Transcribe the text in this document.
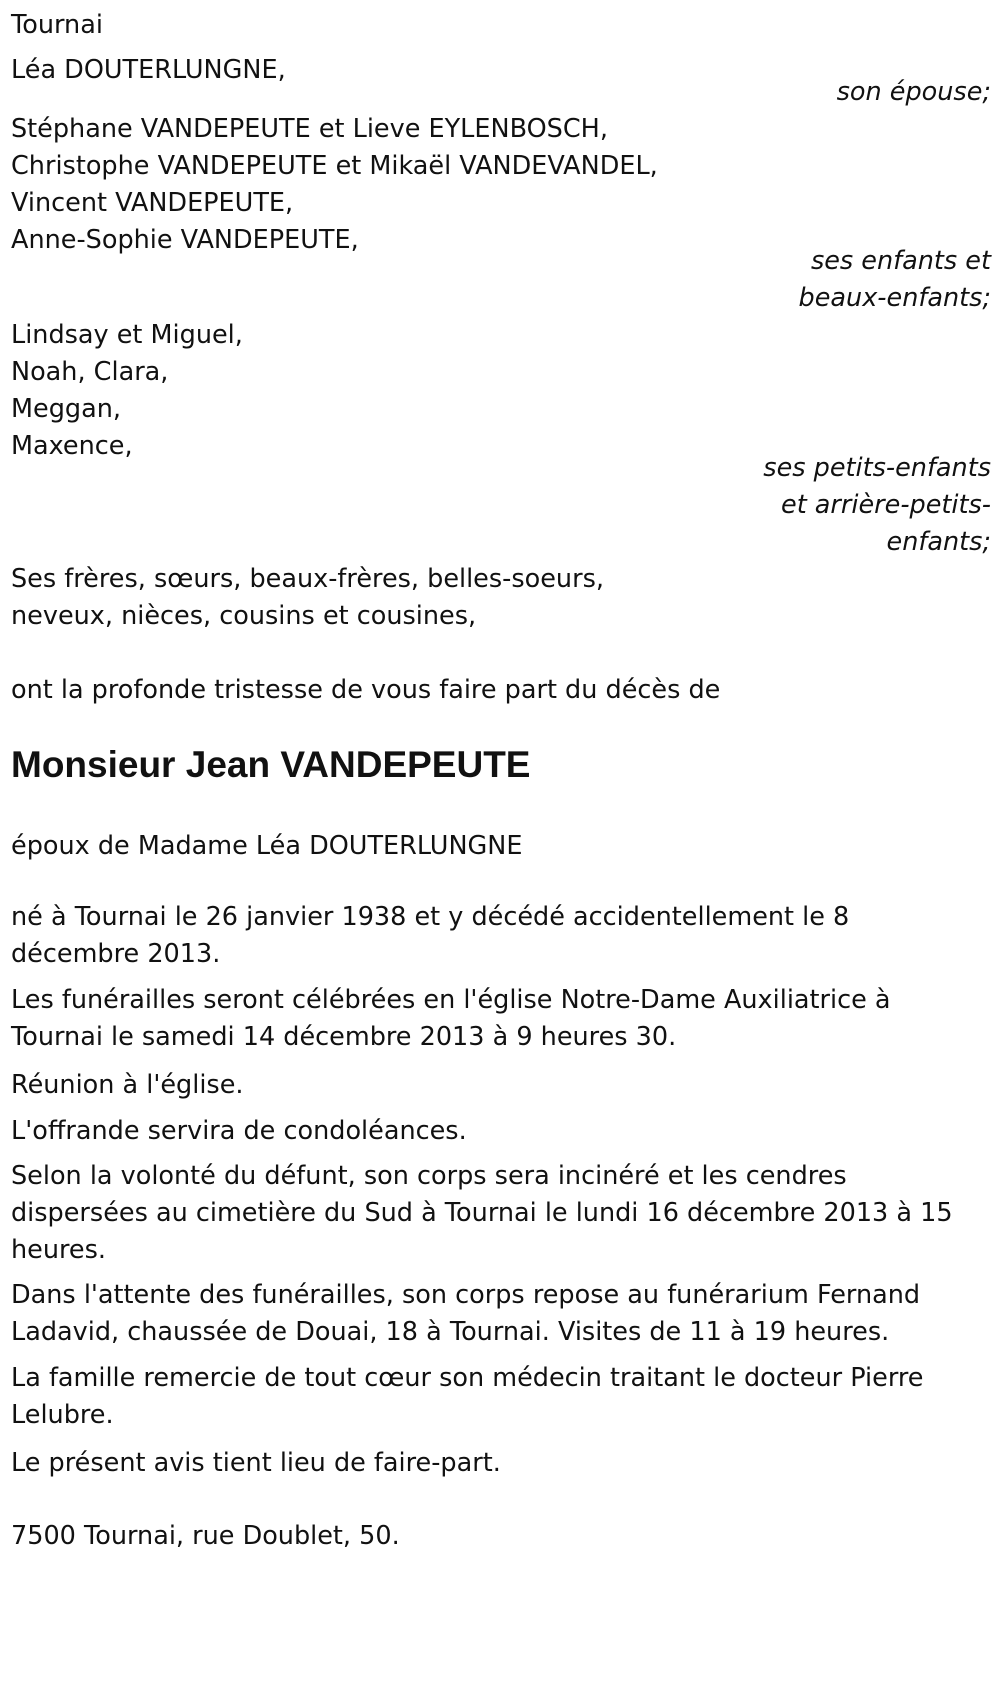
Tournai
Léa DOUTERLUNGNE,
son épouse;
Stéphane VANDEPEUTE et Lieve EYLENBOSCH,
Christophe VANDEPEUTE et Mikaël VANDEVANDEL,
Vincent VANDEPEUTE,
Anne-Sophie VANDEPEUTE,
ses enfants et
beaux-enfants;
Lindsay et Miguel,
Noah, Clara,
Meggan,
Maxence,
ses petits-enfants
et arrière-petits-
enfants;
Ses frères, sœurs, beaux-frères, belles-soeurs,
neveux, nièces, cousins et cousines,
ont la profonde tristesse de vous faire part du décès de
Monsieur Jean VANDEPEUTE
époux de Madame Léa DOUTERLUNGNE
né à Tournai le 26 janvier 1938 et y décédé accidentellement le 8 décembre 2013.
Les funérailles seront célébrées en l'église Notre-Dame Auxiliatrice à Tournai le samedi 14 décembre 2013 à 9 heures 30.
Réunion à l'église.
L'offrande servira de condoléances.
Selon la volonté du défunt, son corps sera incinéré et les cendres dispersées au cimetière du Sud à Tournai le lundi 16 décembre 2013 à 15 heures.
Dans l'attente des funérailles, son corps repose au funérarium Fernand Ladavid, chaussée de Douai, 18 à Tournai. Visites de 11 à 19 heures.
La famille remercie de tout cœur son médecin traitant le docteur Pierre Lelubre.
Le présent avis tient lieu de faire-part.
7500 Tournai, rue Doublet, 50.
